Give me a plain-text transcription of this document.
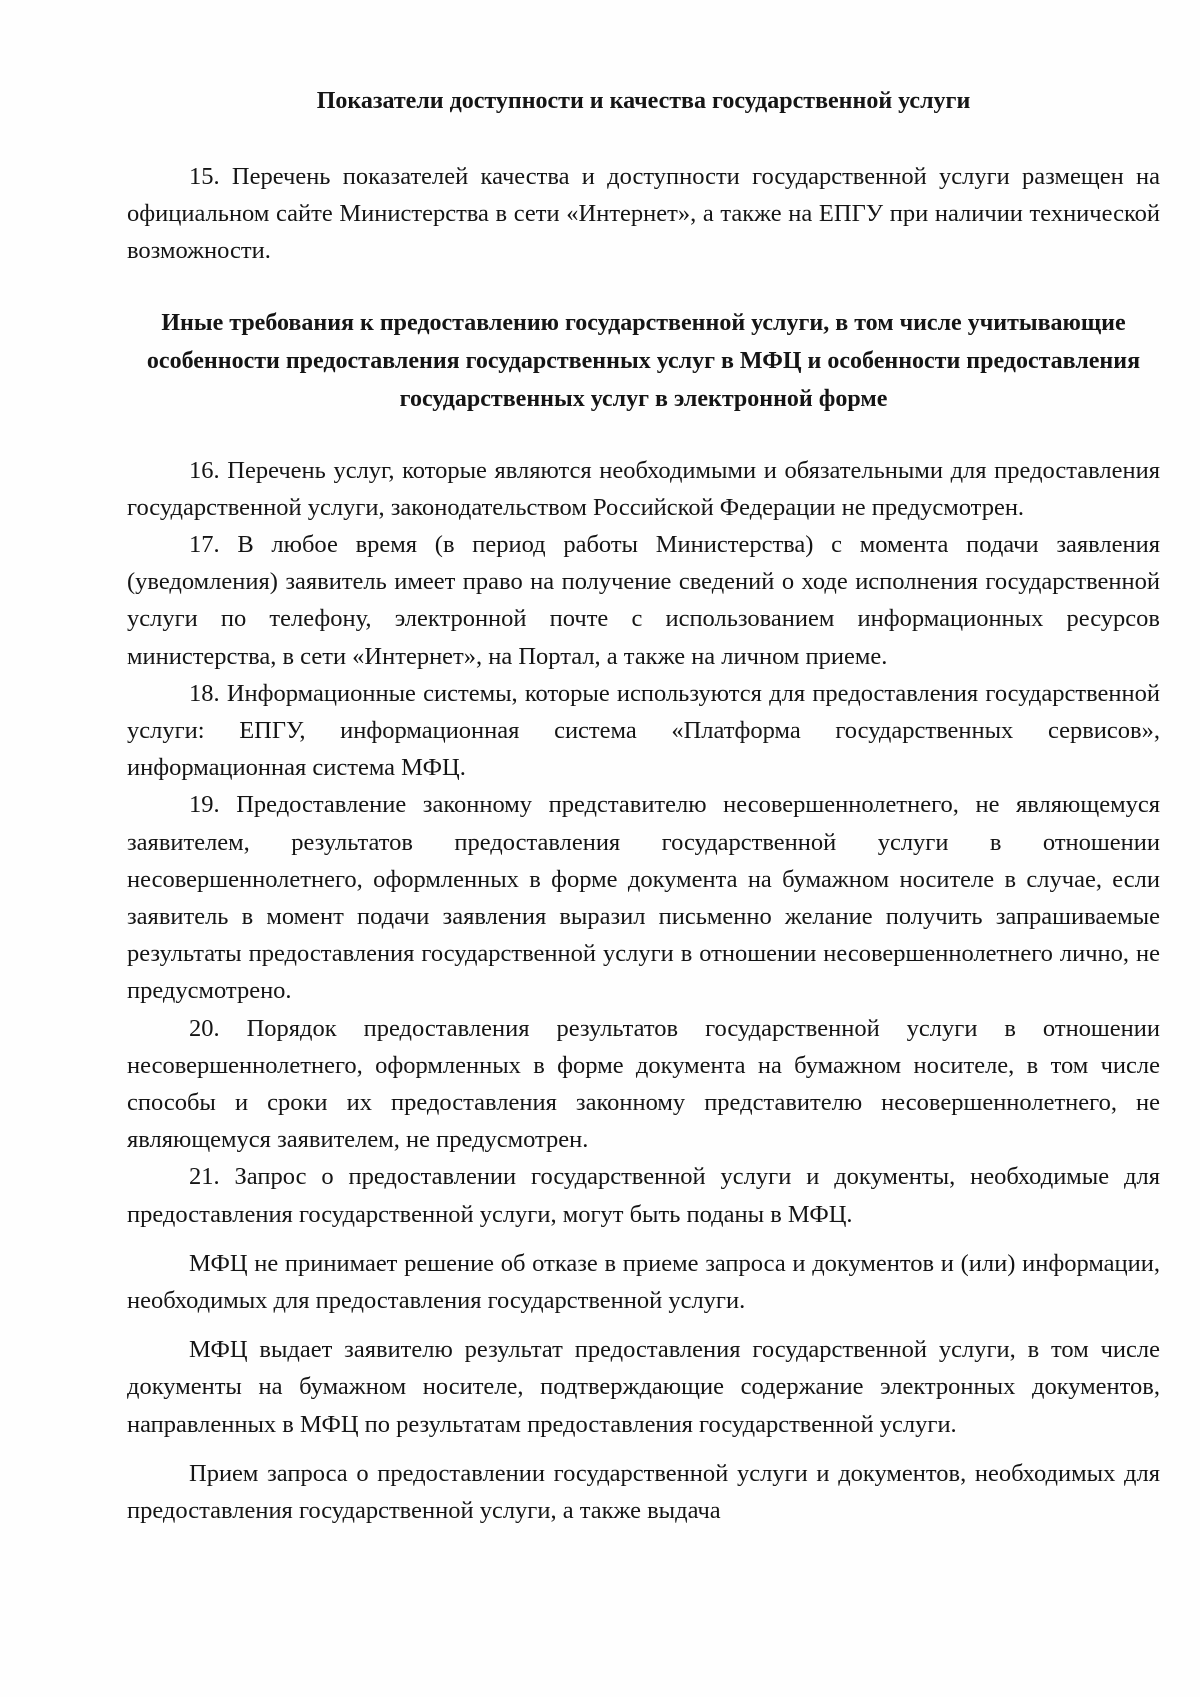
Показатели доступности и качества государственной услуги

15. Перечень показателей качества и доступности государственной услуги размещен на официальном сайте Министерства в сети «Интернет», а также на ЕПГУ при наличии технической возможности.

Иные требования к предоставлению государственной услуги, в том числе учитывающие особенности предоставления государственных услуг в МФЦ и особенности предоставления государственных услуг в электронной форме

16. Перечень услуг, которые являются необходимыми и обязательными для предоставления государственной услуги, законодательством Российской Федерации не предусмотрен.

17. В любое время (в период работы Министерства) с момента подачи заявления (уведомления) заявитель имеет право на получение сведений о ходе исполнения государственной услуги по телефону, электронной почте с использованием информационных ресурсов министерства, в сети «Интернет», на Портал, а также на личном приеме.

18. Информационные системы, которые используются для предоставления государственной услуги: ЕПГУ, информационная система «Платформа государственных сервисов», информационная система МФЦ.

19. Предоставление законному представителю несовершеннолетнего, не являющемуся заявителем, результатов предоставления государственной услуги в отношении несовершеннолетнего, оформленных в форме документа на бумажном носителе в случае, если заявитель в момент подачи заявления выразил письменно желание получить запрашиваемые результаты предоставления государственной услуги в отношении несовершеннолетнего лично, не предусмотрено.

20. Порядок предоставления результатов государственной услуги в отношении несовершеннолетнего, оформленных в форме документа на бумажном носителе, в том числе способы и сроки их предоставления законному представителю несовершеннолетнего, не являющемуся заявителем, не предусмотрен.

21. Запрос о предоставлении государственной услуги и документы, необходимые для предоставления государственной услуги, могут быть поданы в МФЦ.

МФЦ не принимает решение об отказе в приеме запроса и документов и (или) информации, необходимых для предоставления государственной услуги.

МФЦ выдает заявителю результат предоставления государственной услуги, в том числе документы на бумажном носителе, подтверждающие содержание электронных документов, направленных в МФЦ по результатам предоставления государственной услуги.

Прием запроса о предоставлении государственной услуги и документов, необходимых для предоставления государственной услуги, а также выдача
